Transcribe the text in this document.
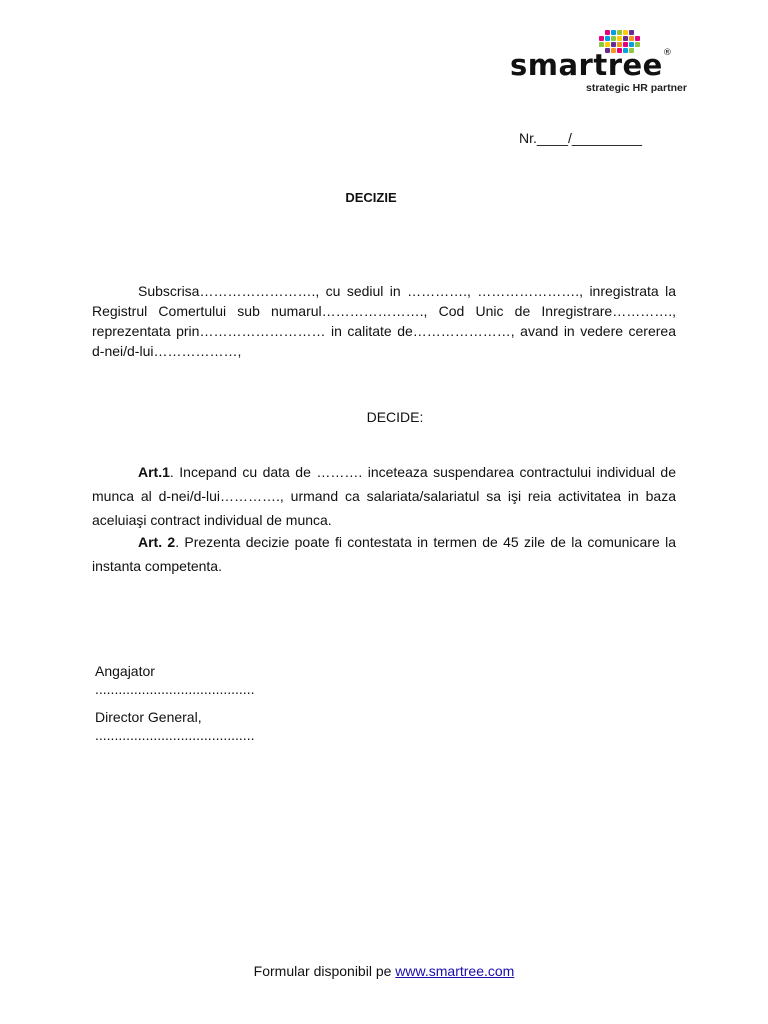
smartree®
strategic HR partner
Nr.____/_________
DECIZIE
Subscrisa……………………., cu sediul in …………., …………………., inregistrata la Registrul Comertului sub numarul…………………., Cod Unic de Inregistrare…………., reprezentata prin……………………… in calitate de…………………, avand in vedere cererea d-nei/d-lui………………,
DECIDE:
Art.1. Incepand cu data de ………. inceteaza suspendarea contractului individual de munca al d-nei/d-lui…………., urmand ca salariata/salariatul sa işi reia activitatea in baza aceluiaşi contract individual de munca.
Art. 2. Prezenta decizie poate fi contestata in termen de 45 zile de la comunicare la instanta competenta.
Angajator
.........................................
Director General,
.........................................
Formular disponibil pe www.smartree.com
